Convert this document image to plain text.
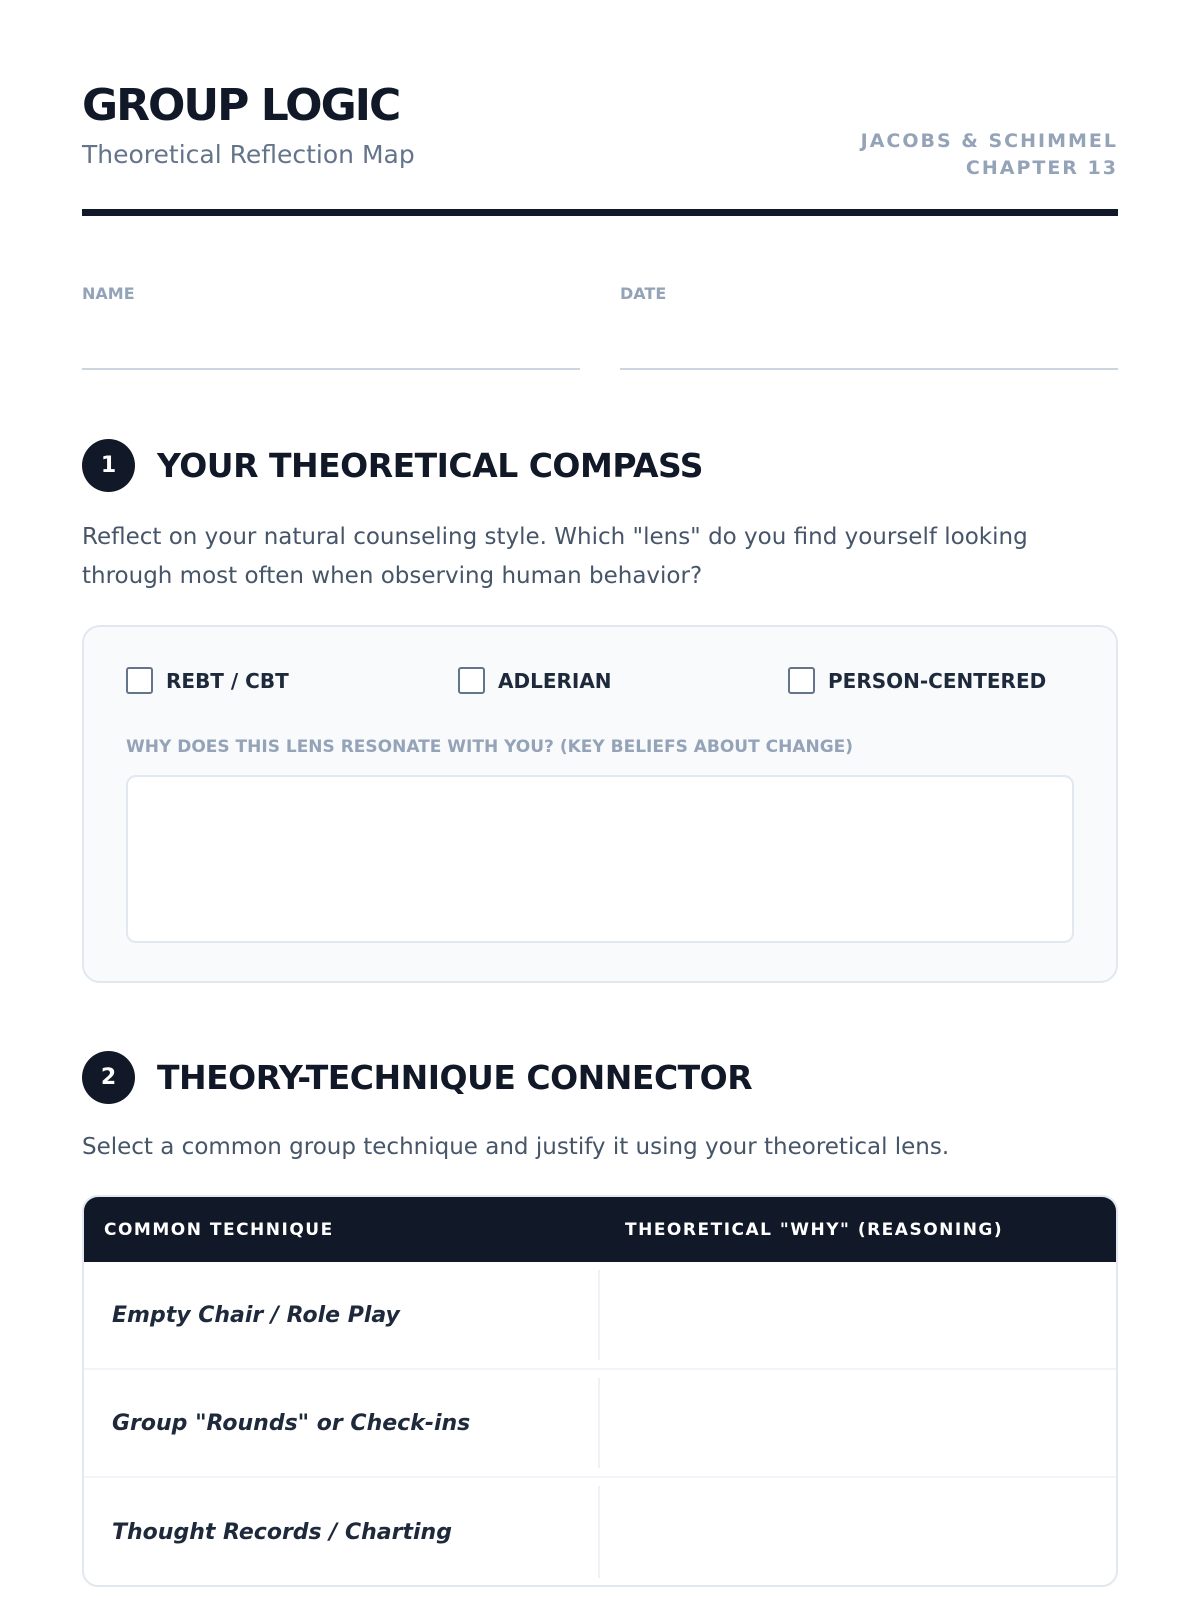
GROUP LOGIC
Theoretical Reflection Map	JACOBS & SCHIMMEL
CHAPTER 13
NAME	DATE
1	YOUR THEORETICAL COMPASS
Reflect on your natural counseling style. Which "lens" do you find yourself looking through most often when observing human behavior?
REBT / CBT	ADLERIAN	PERSON-CENTERED
WHY DOES THIS LENS RESONATE WITH YOU? (KEY BELIEFS ABOUT CHANGE)
2	THEORY-TECHNIQUE CONNECTOR
Select a common group technique and justify it using your theoretical lens.
COMMON TECHNIQUE	THEORETICAL "WHY" (REASONING)
Empty Chair / Role Play
Group "Rounds" or Check-ins
Thought Records / Charting
